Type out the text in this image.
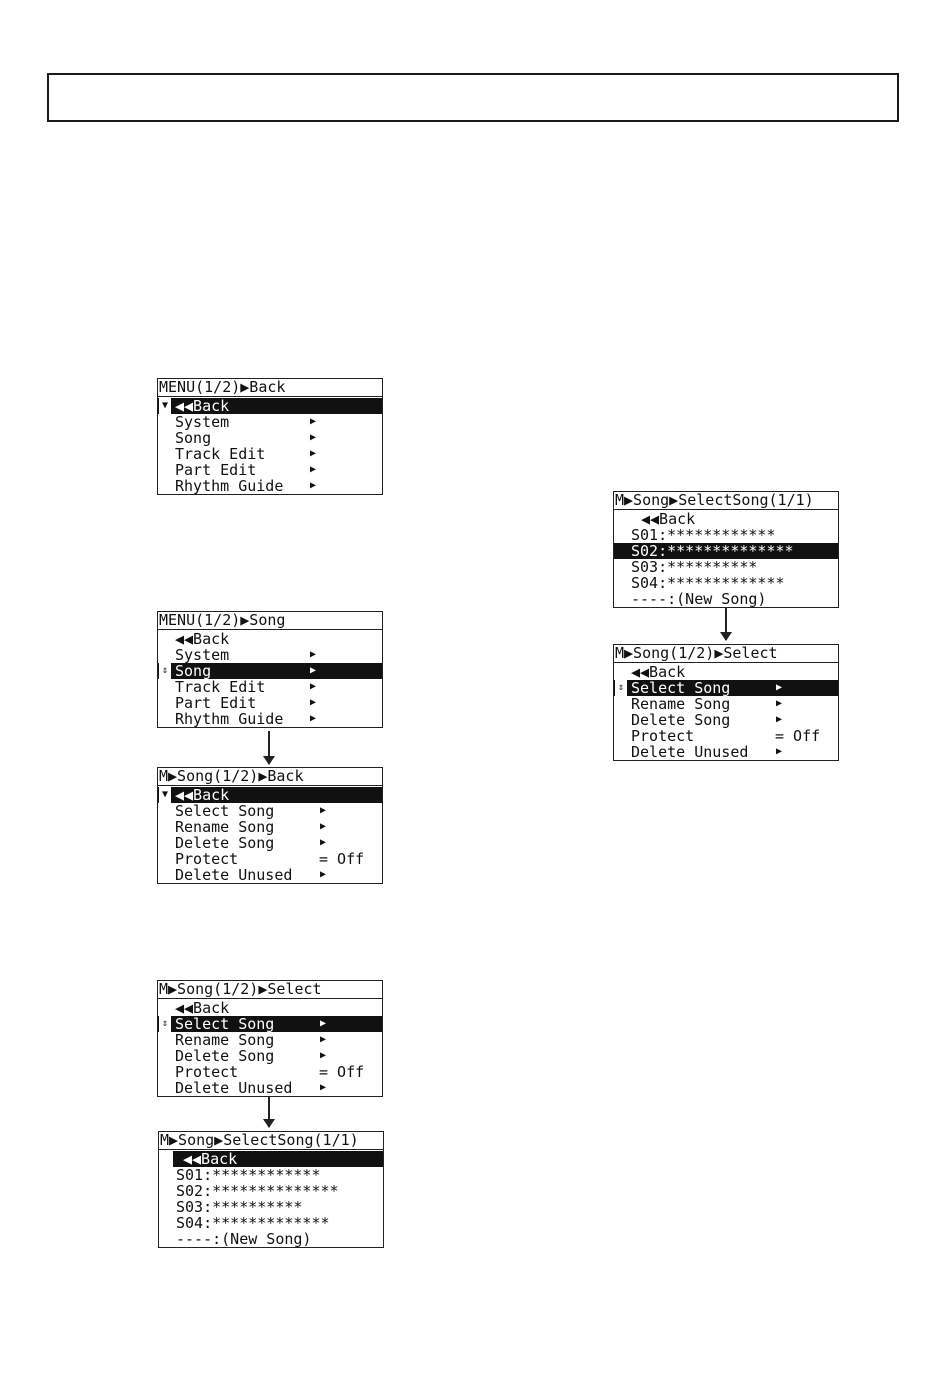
MENU(1/2)▶Back

▼

◀◀Back

System

	▶

Song

	▶

Track Edit

	▶

Part Edit

	▶

Rhythm Guide

	▶

MENU(1/2)▶Song

◀◀Back

System

	▶

⇕

Song

	▶

Track Edit

	▶

Part Edit

	▶

Rhythm Guide

	▶

M▶Song(1/2)▶Back

▼

◀◀Back

Select Song

	▶

Rename Song

	▶

Delete Song

	▶

Protect

	= Off

Delete Unused

	▶

M▶Song(1/2)▶Select

◀◀Back

⇕

Select Song

	▶

Rename Song

	▶

Delete Song

	▶

Protect

	= Off

Delete Unused

	▶

M▶Song▶SelectSong(1/1)

◀◀Back

S01:************

S02:**************

S03:**********

S04:*************

----:(New Song)

M▶Song▶SelectSong(1/1)

◀◀Back

S01:************

S02:**************

S03:**********

S04:*************

----:(New Song)

M▶Song(1/2)▶Select

◀◀Back

⇕

Select Song

	▶

Rename Song

	▶

Delete Song

	▶

Protect

	= Off

Delete Unused

	▶
